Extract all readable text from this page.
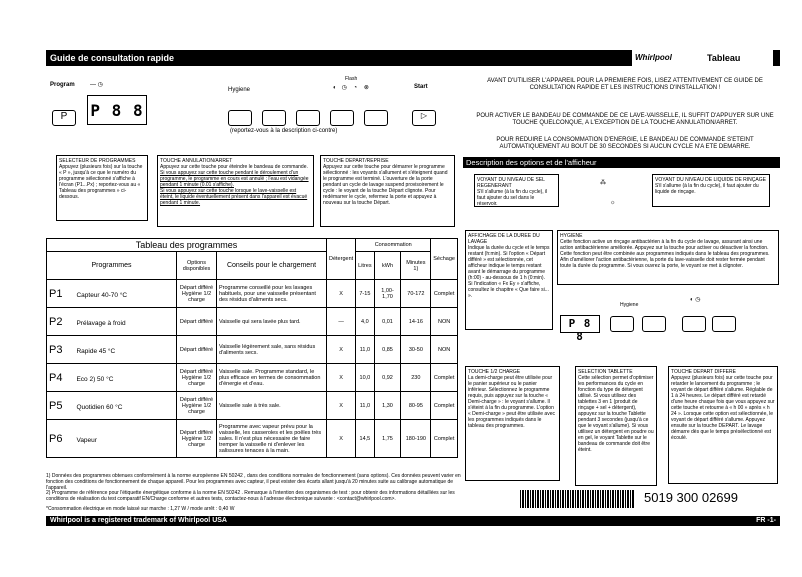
Guide de consultation rapide	Whirlpool	Tableau
Program	— ◷
P 8 8
P
Hygiene
Flash
◐   ◷    ◔    ⊗	Start
▷
(reportez-vous à la description ci-contre)
SELECTEUR DE PROGRAMMES
Appuyez (plusieurs fois) sur la touche « P », jusqu'à ce que le numéro du programme sélectionné s'affiche à l'écran (P1...Px) ; reportez-vous au « Tableau des programmes » ci-dessous.
TOUCHE ANNULATION/ARRET
Appuyez sur cette touche pour éteindre le bandeau de commande.
Si vous appuyez sur cette touche pendant le déroulement d'un programme, le programme en cours est annulé ; l'eau est vidangée pendant 1 minute (0.01 s'affiche).
Si vous appuyez sur cette touche lorsque le lave-vaisselle est éteint, le liquide éventuellement présent dans l'appareil est évacué pendant 1 minute.
TOUCHE DEPART/REPRISE
Appuyez sur cette touche pour démarrer le programme sélectionné : les voyants s'allument et s'éteignent quand le programme est terminé. L'ouverture de la porte pendant un cycle de lavage suspend provisoirement le cycle : le voyant de la touche Départ clignote. Pour redémarrer le cycle, refermez la porte et appuyez à nouveau sur la touche Départ.
AVANT D'UTILISER L'APPAREIL POUR LA PREMIERE FOIS, LISEZ ATTENTIVEMENT CE GUIDE DE CONSULTATION RAPIDE ET LES INSTRUCTIONS D'INSTALLATION !
POUR ACTIVER LE BANDEAU DE COMMANDE DE CE LAVE-VAISSELLE, IL SUFFIT D'APPUYER SUR UNE TOUCHE QUELCONQUE, A L'EXCEPTION DE LA TOUCHE ANNULATION/ARRET.
POUR REDUIRE LA CONSOMMATION D'ENERGIE, LE BANDEAU DE COMMANDE S'ETEINT AUTOMATIQUEMENT AU BOUT DE 30 SECONDES SI AUCUN CYCLE N'A ETE DEMARRE.
Description des options et de l'afficheur
VOYANT DU NIVEAU DE SEL REGENERANT
S'il s'allume (à la fin du cycle), il faut ajouter du sel dans le réservoir.
⁂
☼
VOYANT DU NIVEAU DE LIQUIDE DE RINÇAGE
S'il s'allume (à la fin du cycle), il faut ajouter du liquide de rinçage.
AFFICHAGE DE LA DUREE DU LAVAGE
Indique la durée du cycle et le temps restant (h:min). Si l'option « Départ différé » est sélectionnée, cet afficheur indique le temps restant avant le démarrage du programme (h:00) - au-dessous de 1 h (0:min). Si l'indication « Fx Ey » s'affiche, consultez le chapitre « Que faire si... ».
HYGIENE
Cette fonction active un rinçage antibactérien à la fin du cycle de lavage, assurant ainsi une action antibactérienne améliorée. Appuyez sur la touche pour activer ou désactiver la fonction. Cette fonction peut être combinée aux programmes indiqués dans le tableau des programmes. Afin d'améliorer l'action antibactérienne, la porte du lave-vaisselle doit rester fermée pendant toute la durée du programme. Si vous ouvrez la porte, le voyant se met à clignoter.
Hygiene
◐ ◷
P 8 8
TOUCHE 1/2 CHARGE
La demi-charge peut être utilisée pour le panier supérieur ou le panier inférieur. Sélectionnez le programme requis, puis appuyez sur la touche « Demi-charge » : le voyant s'allume. Il s'éteint à la fin du programme. L'option « Demi-charge » peut être utilisée avec les programmes indiqués dans le tableau des programmes.
SELECTION TABLETTE
Cette sélection permet d'optimiser les performances du cycle en fonction du type de détergent utilisé. Si vous utilisez des tablettes 3 en 1 (produit de rinçage + sel + détergent), appuyez sur la touche Tablette pendant 3 secondes (jusqu'à ce que le voyant s'allume). Si vous utilisez un détergent en poudre ou en gel, le voyant Tablette sur le bandeau de commande doit être éteint.
TOUCHE DEPART DIFFERE
Appuyez (plusieurs fois) sur cette touche pour retarder le lancement du programme ; le voyant de départ différé s'allume. Réglable de 1 à 24 heures. Le départ différé est retardé d'une heure chaque fois que vous appuyez sur cette touche et retourne à « h 00 » après « h 24 ». Lorsque cette option est sélectionnée, le voyant de départ différé s'allume. Appuyez ensuite sur la touche DEPART. Le lavage démarre dès que le temps présélectionné est écoulé.
Tableau des programmes			Détergent	Consommation			Séchage
Programmes	Options disponibles	Conseils pour le chargement		Litres	kWh	Minutes 1)	
P1 Capteur 40-70 °C	Départ différé Hygiène 1/2 charge	Programme conseillé pour les lavages habituels, pour une vaisselle présentant des résidus d'aliments secs.	X	7-15	1,00-1,70	70-172	Complet
P2 Prélavage à froid	Départ différé	Vaisselle qui sera lavée plus tard.	—	4,0	0,01	14-16	NON
P3 Rapide 45 °C	Départ différé	Vaisselle légèrement sale, sans résidus d'aliments secs.	X	11,0	0,85	30-50	NON
P4 Eco 2) 50 °C	Départ différé Hygiène 1/2 charge	Vaisselle sale. Programme standard, le plus efficace en termes de consommation d'énergie et d'eau.	X	10,0	0,92	230	Complet
P5 Quotidien 60 °C	Départ différé Hygiène 1/2 charge	Vaisselle sale à très sale.	X	11,0	1,30	80-95	Complet
P6 Vapeur	Départ différé Hygiène 1/2 charge	Programme avec vapeur prévu pour la vaisselle, les casseroles et les poêles très sales. Il n'est plus nécessaire de faire tremper la vaisselle ni d'enlever les salissures tenaces à la main.	X	14,5	1,75	180-190	Complet
1) Données des programmes obtenues conformément à la norme européenne EN 50242 , dans des conditions normales de fonctionnement (sans options). Ces données peuvent varier en fonction des conditions de fonctionnement de chaque appareil. Pour les programmes avec capteur, il peut exister des écarts allant jusqu'à 20 minutes suite au calibrage automatique de l'appareil.
2) Programme de référence pour l'étiquette énergétique conforme à la norme EN 50242 . Remarque à l'intention des organismes de test : pour obtenir des informations détaillées sur les conditions de réalisation du test comparatif EN/Charge conforme et autres tests, contactez-nous à l'adresse électronique suivante : <contact@whirlpool.com>.
*Consommation électrique en mode laissé sur marche : 1,27 W / mode arrêt : 0,40 W
5019 300 02699
Whirlpool is a registered trademark of Whirlpool USA	FR -1-
